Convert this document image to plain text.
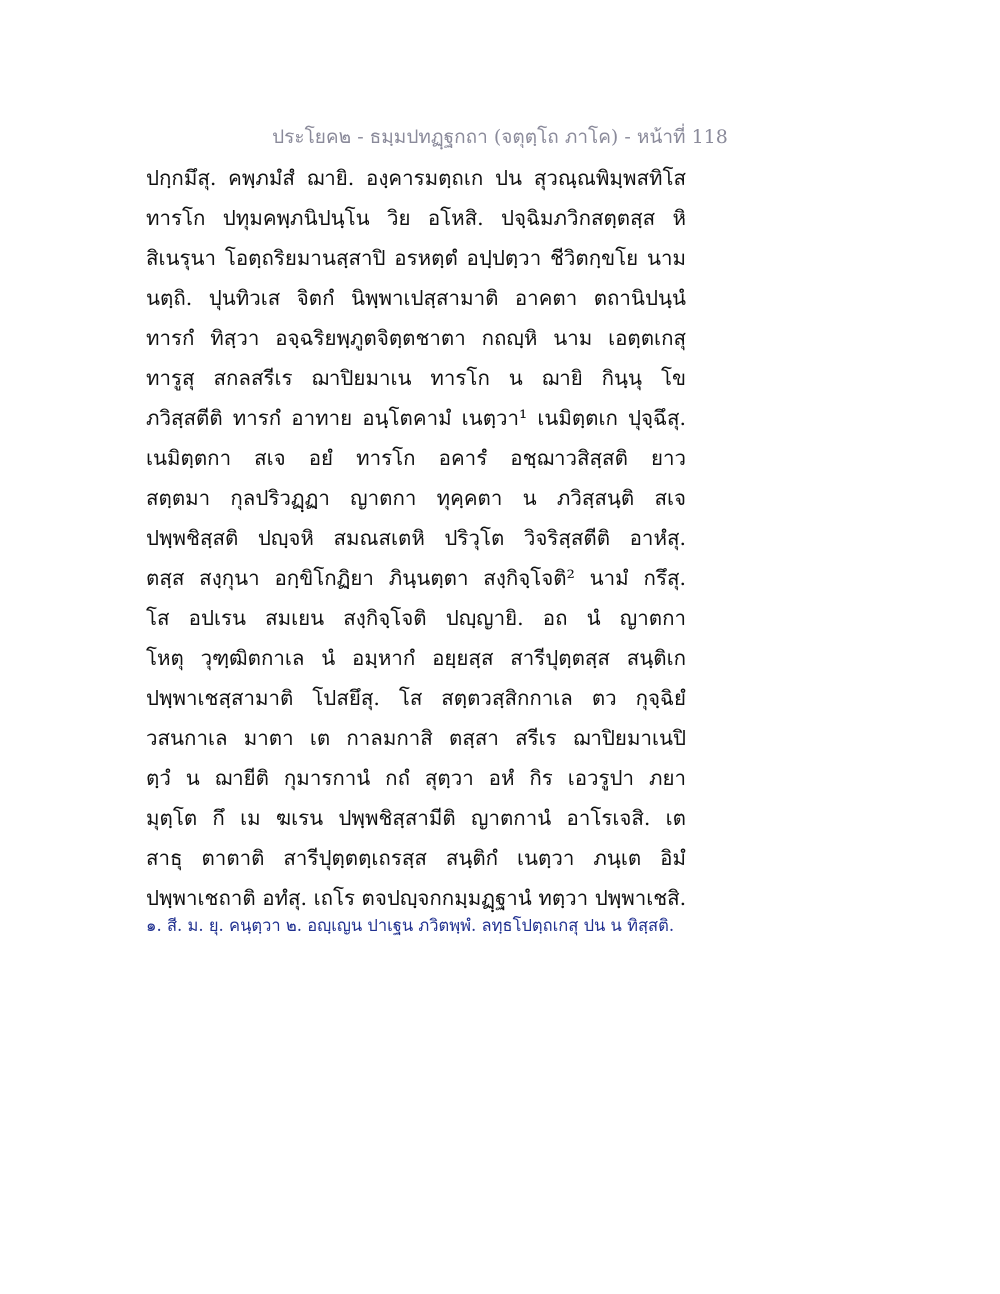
ประโยค๒ - ธมฺมปทฏฺฐกถา (จตุตฺโถ ภาโค) - หน้าที่ 118
ปกฺกมึสุ. คพฺภมํสํ ฌายิ. องฺคารมตฺถเก ปน สุวณฺณพิมฺพสทิโส
ทารโก ปทุมคพฺภนิปนฺโน วิย อโหสิ. ปจฺฉิมภวิกสตฺตสฺส หิ
สิเนรุนา โอตฺถริยมานสฺสาปิ อรหตฺตํ อปฺปตฺวา ชีวิตกฺขโย นาม
นตฺถิ. ปุนทิวเส จิตกํ นิพฺพาเปสฺสามาติ อาคตา ตถานิปนฺนํ
ทารกํ ทิสฺวา อจฺฉริยพฺภูตจิตฺตชาตา กถญฺหิ นาม เอตฺตเกสุ
ทารูสุ สกลสรีเร ฌาปิยมาเน ทารโก น ฌายิ กินฺนุ โข
ภวิสฺสตีติ ทารกํ อาทาย อนฺโตคามํ เนตฺวา¹ เนมิตฺตเก ปุจฺฉึสุ.
เนมิตฺตกา สเจ อยํ ทารโก อคารํ อชฺฌาวสิสฺสติ ยาว
สตฺตมา กุลปริวฏฺฏา ญาตกา ทุคฺคตา น ภวิสฺสนฺติ สเจ
ปพฺพชิสฺสติ ปญฺจหิ สมณสเตหิ ปริวุโต วิจริสฺสตีติ อาหํสุ.
ตสฺส สงฺกุนา อกฺขิโกฏิยา ภินฺนตฺตา สงฺกิจฺโจติ² นามํ กรึสุ.
โส อปเรน สมเยน สงฺกิจฺโจติ ปญฺญายิ. อถ นํ ญาตกา
โหตุ วุฑฺฒิตกาเล นํ อมฺหากํ อยฺยสฺส สารีปุตฺตสฺส สนฺติเก
ปพฺพาเชสฺสามาติ โปสยึสุ. โส สตฺตวสฺสิกกาเล ตว กุจฺฉิยํ
วสนกาเล มาตา เต กาลมกาสิ ตสฺสา สรีเร ฌาปิยมาเนปิ
ตฺวํ น ฌายีติ กุมารกานํ กถํ สุตฺวา อหํ กิร เอวรูปา ภยา
มุตฺโต กึ เม ฆเรน ปพฺพชิสฺสามีติ ญาตกานํ อาโรเจสิ. เต
สาธุ ตาตาติ สารีปุตฺตตฺเถรสฺส สนฺติกํ เนตฺวา ภนฺเต อิมํ
ปพฺพาเชถาติ อทํสุ. เถโร ตจปญฺจกกมฺมฏฺฐานํ ทตฺวา ปพฺพาเชสิ.
๑. สี. ม. ยุ. คนฺตฺวา ๒. อญฺเญน ปาเฐน ภวิตพฺพํ. ลทฺธโปตฺถเกสุ ปน น ทิสฺสติ.
